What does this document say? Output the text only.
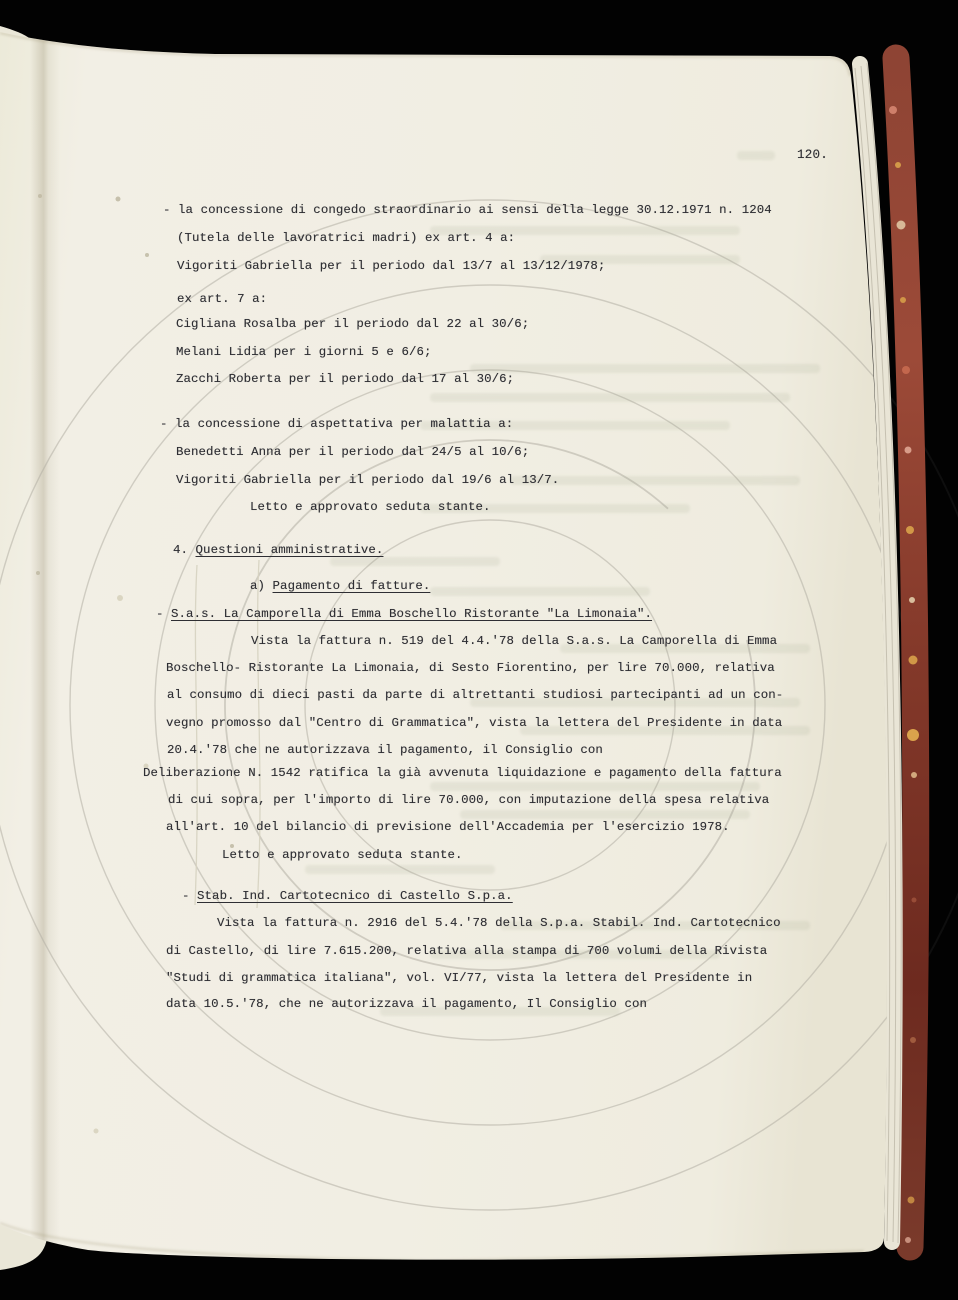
120.
- la concessione di congedo straordinario ai sensi della legge 30.12.1971 n. 1204
(Tutela delle lavoratrici madri) ex art. 4 a:
Vigoriti Gabriella per il periodo dal 13/7 al 13/12/1978;
ex art. 7 a:
Cigliana Rosalba per il periodo dal 22 al 30/6;
Melani Lidia per i giorni 5 e 6/6;
Zacchi Roberta per il periodo dal 17 al 30/6;
- la concessione di aspettativa per malattia a:
Benedetti Anna per il periodo dal 24/5 al 10/6;
Vigoriti Gabriella per il periodo dal 19/6 al 13/7.
Letto e approvato seduta stante.
4. Questioni amministrative.
a) Pagamento di fatture.
- S.a.s. La Camporella di Emma Boschello Ristorante "La Limonaia".
Vista la fattura n. 519 del 4.4.'78 della S.a.s. La Camporella di Emma
Boschello- Ristorante La Limonaia, di Sesto Fiorentino, per lire 70.000, relativa
al consumo di dieci pasti da parte di altrettanti studiosi partecipanti ad un con-
vegno promosso dal "Centro di Grammatica", vista la lettera del Presidente in data
20.4.'78 che ne autorizzava il pagamento, il Consiglio con
Deliberazione N. 1542 ratifica la già avvenuta liquidazione e pagamento della fattura
di cui sopra, per l'importo di lire 70.000, con imputazione della spesa relativa
all'art. 10 del bilancio di previsione dell'Accademia per l'esercizio 1978.
Letto e approvato seduta stante.
- Stab. Ind. Cartotecnico di Castello S.p.a.
Vista la fattura n. 2916 del 5.4.'78 della S.p.a. Stabil. Ind. Cartotecnico
di Castello, di lire 7.615.200, relativa alla stampa di 700 volumi della Rivista
"Studi di grammatica italiana", vol. VI/77, vista la lettera del Presidente in
data 10.5.'78, che ne autorizzava il pagamento, Il Consiglio con
